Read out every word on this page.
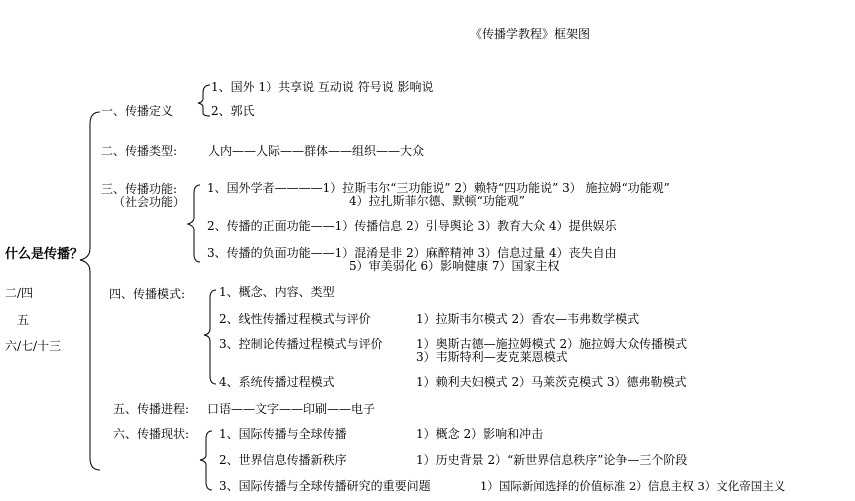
《传播学教程》框架图
什么是传播？
二/四
五
六/七/十三
一、传播定义
1、国外 1）共享说 互动说 符号说 影响说
2、郭氏
二、传播类型:	人内——人际——群体——组织——大众
三、传播功能:
（社会功能）
1、国外学者————1）拉斯韦尔“三功能说” 2）赖特“四功能说” 3） 施拉姆“功能观”
4）拉扎斯菲尔德、默顿“功能观”
2、传播的正面功能——1）传播信息 2）引导舆论 3）教育大众 4）提供娱乐
3、传播的负面功能——1）混淆是非 2）麻醉精神 3）信息过量 4）丧失自由
5）审美弱化 6）影响健康 7）国家主权
四、传播模式:	1、概念、内容、类型
2、线性传播过程模式与评价	1）拉斯韦尔模式 2）香农—韦弗数学模式
3、控制论传播过程模式与评价	1）奥斯古德—施拉姆模式 2）施拉姆大众传播模式
3）韦斯特利—麦克莱恩模式
4、系统传播过程模式	1）赖利夫妇模式 2）马莱茨克模式 3）德弗勒模式
五、传播进程: 口语——文字——印刷——电子
六、传播现状: 1、国际传播与全球传播	1）概念 2）影响和冲击
2、世界信息传播新秩序	1）历史背景 2）“新世界信息秩序”论争—三个阶段
3、国际传播与全球传播研究的重要问题	1）国际新闻选择的价值标准 2）信息主权 3）文化帝国主义
